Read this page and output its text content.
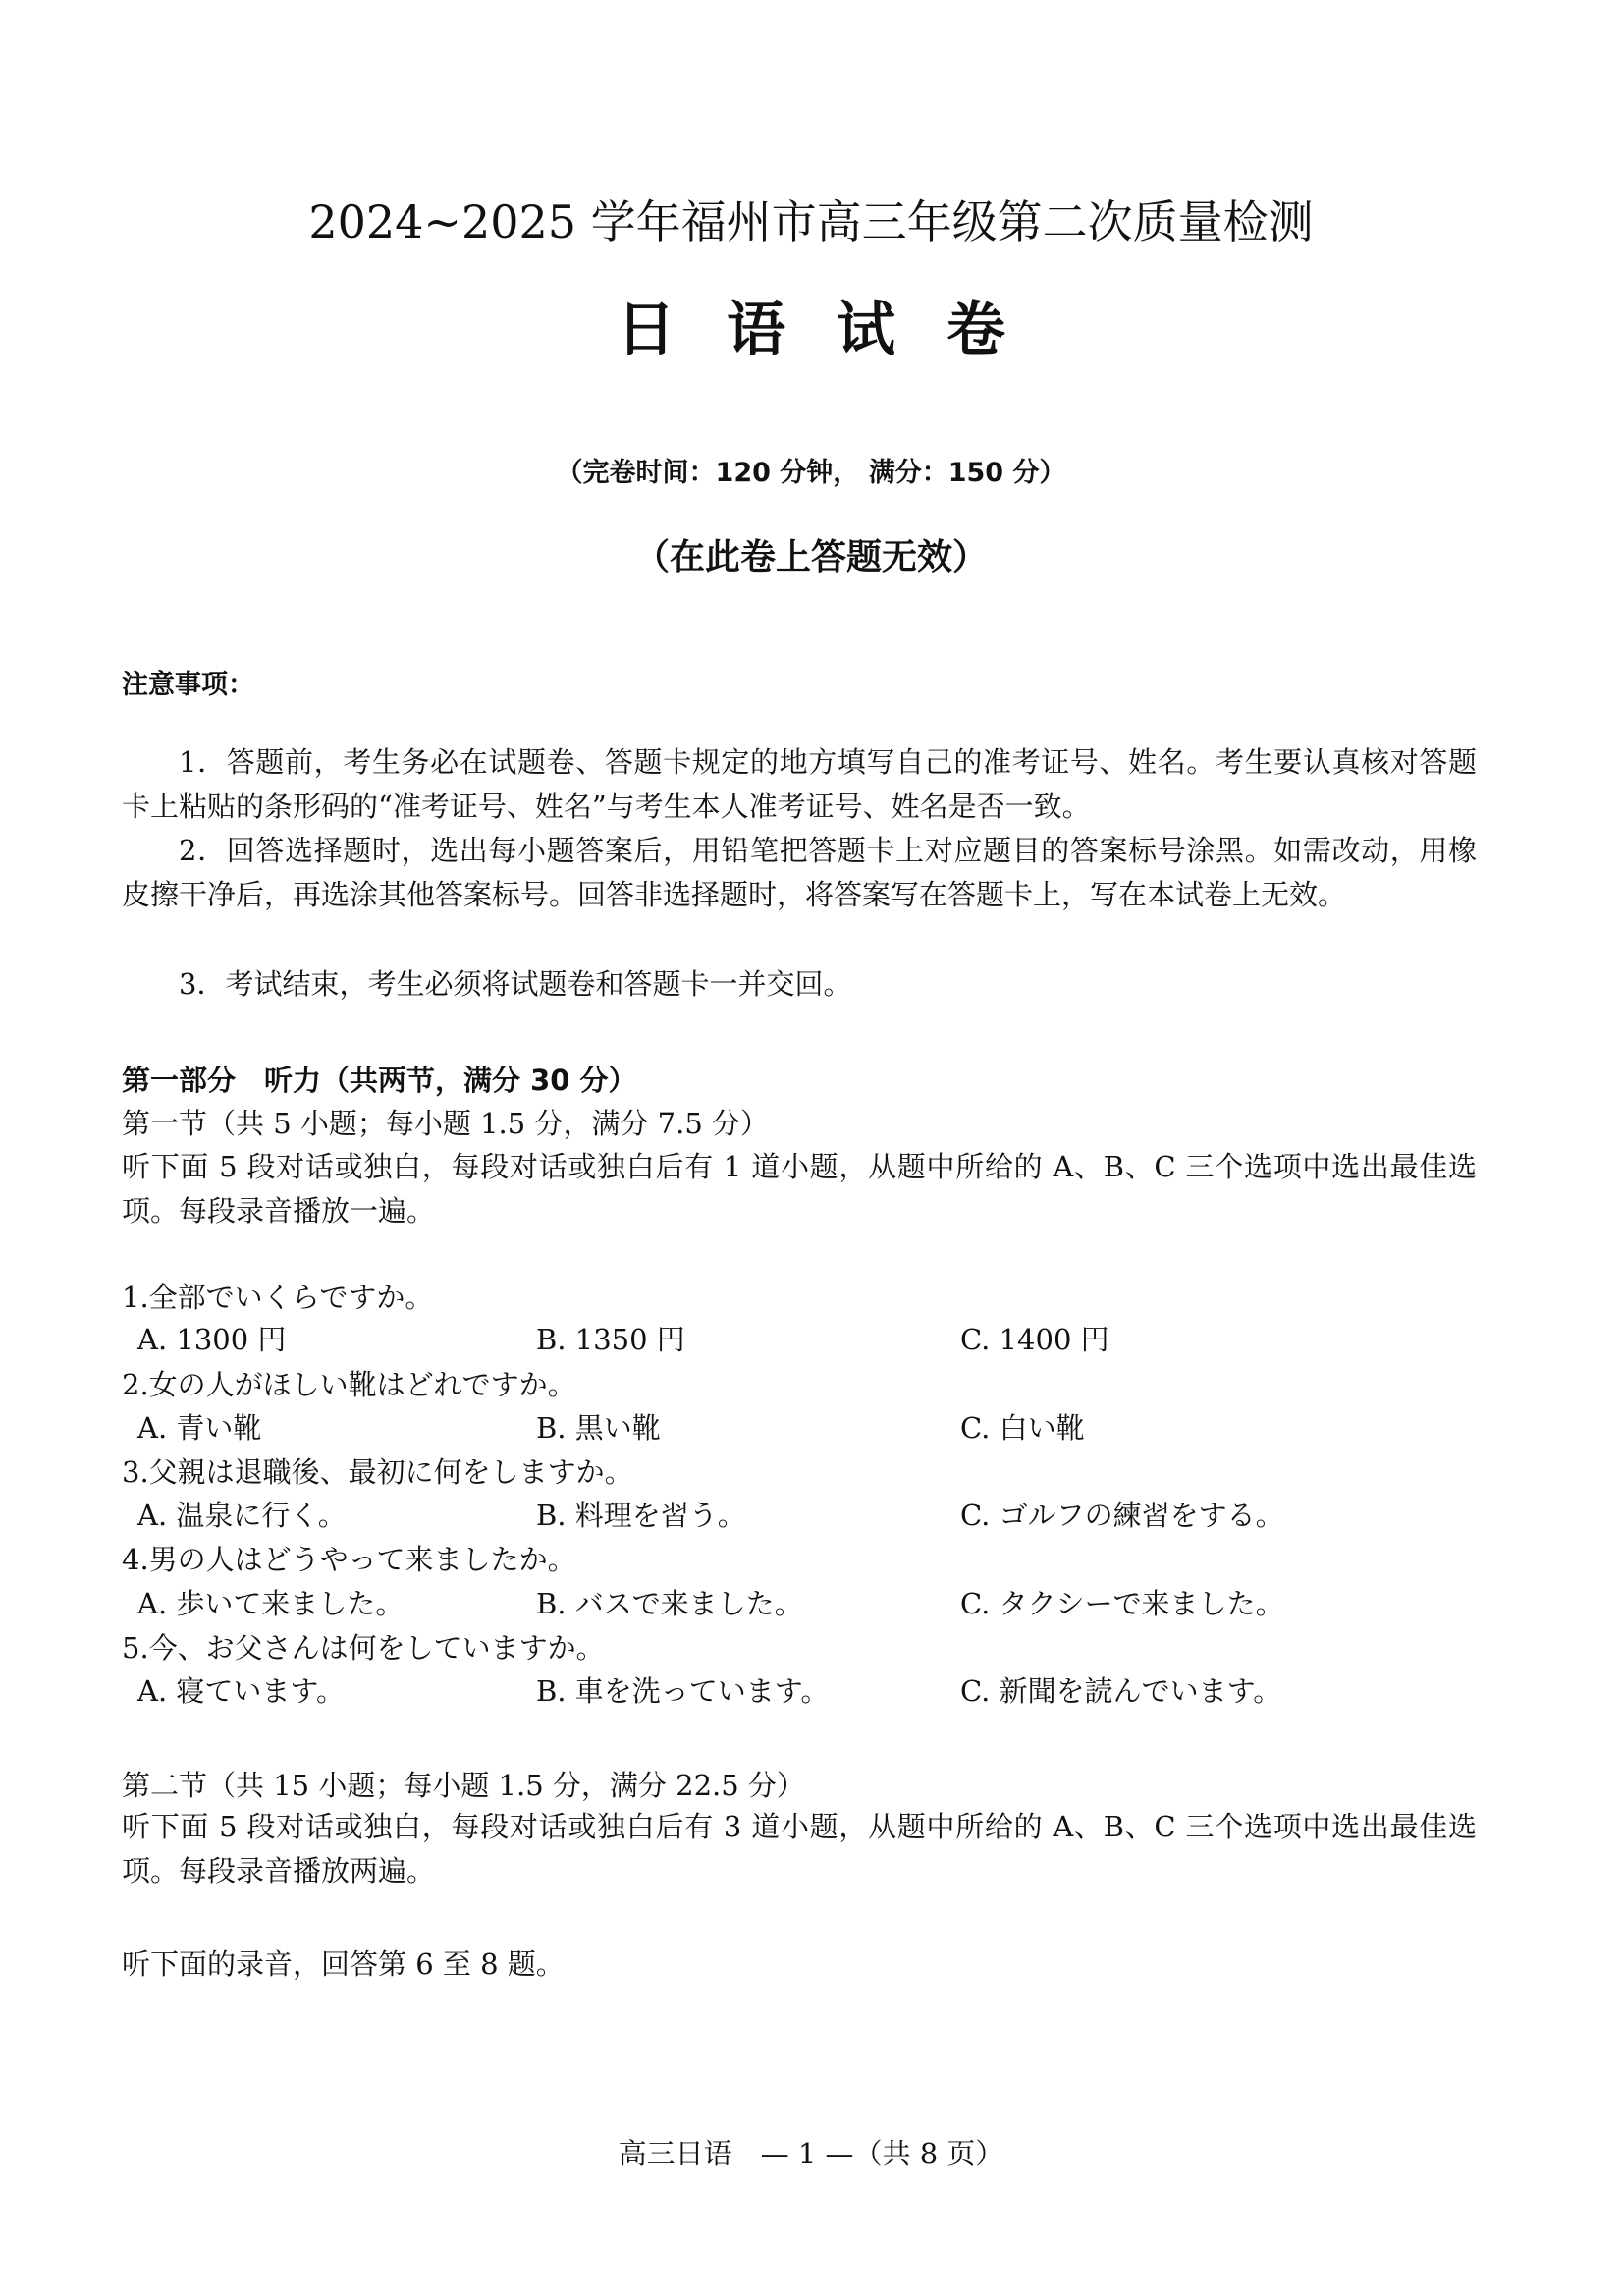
2024~2025 学年福州市高三年级第二次质量检测
日语试卷
（完卷时间：120 分钟， 满分：150 分）
（在此卷上答题无效）
注意事项：
1．答题前，考生务必在试题卷、答题卡规定的地方填写自己的准考证号、姓名。考生要认真核对答题卡上粘贴的条形码的“准考证号、姓名”与考生本人准考证号、姓名是否一致。
2．回答选择题时，选出每小题答案后，用铅笔把答题卡上对应题目的答案标号涂黑。如需改动，用橡皮擦干净后，再选涂其他答案标号。回答非选择题时，将答案写在答题卡上，写在本试卷上无效。
3．考试结束，考生必须将试题卷和答题卡一并交回。
第一部分　听力（共两节，满分 30 分）
第一节（共 5 小题；每小题 1.5 分，满分 7.5 分）
听下面 5 段对话或独白，每段对话或独白后有 1 道小题，从题中所给的 A、B、C 三个选项中选出最佳选项。每段录音播放一遍。
1.全部でいくらですか。
A. 1300 円	B. 1350 円	C. 1400 円
2.女の人がほしい靴はどれですか。
A. 青い靴	B. 黒い靴	C. 白い靴
3.父親は退職後、最初に何をしますか。
A. 温泉に行く。	B. 料理を習う。	C. ゴルフの練習をする。
4.男の人はどうやって来ましたか。
A. 歩いて来ました。	B. バスで来ました。	C. タクシーで来ました。
5.今、お父さんは何をしていますか。
A. 寝ています。	B. 車を洗っています。	C. 新聞を読んでいます。
第二节（共 15 小题；每小题 1.5 分，满分 22.5 分）
听下面 5 段对话或独白，每段对话或独白后有 3 道小题，从题中所给的 A、B、C 三个选项中选出最佳选项。每段录音播放两遍。
听下面的录音，回答第 6 至 8 题。
高三日语　— 1 —（共 8 页）
